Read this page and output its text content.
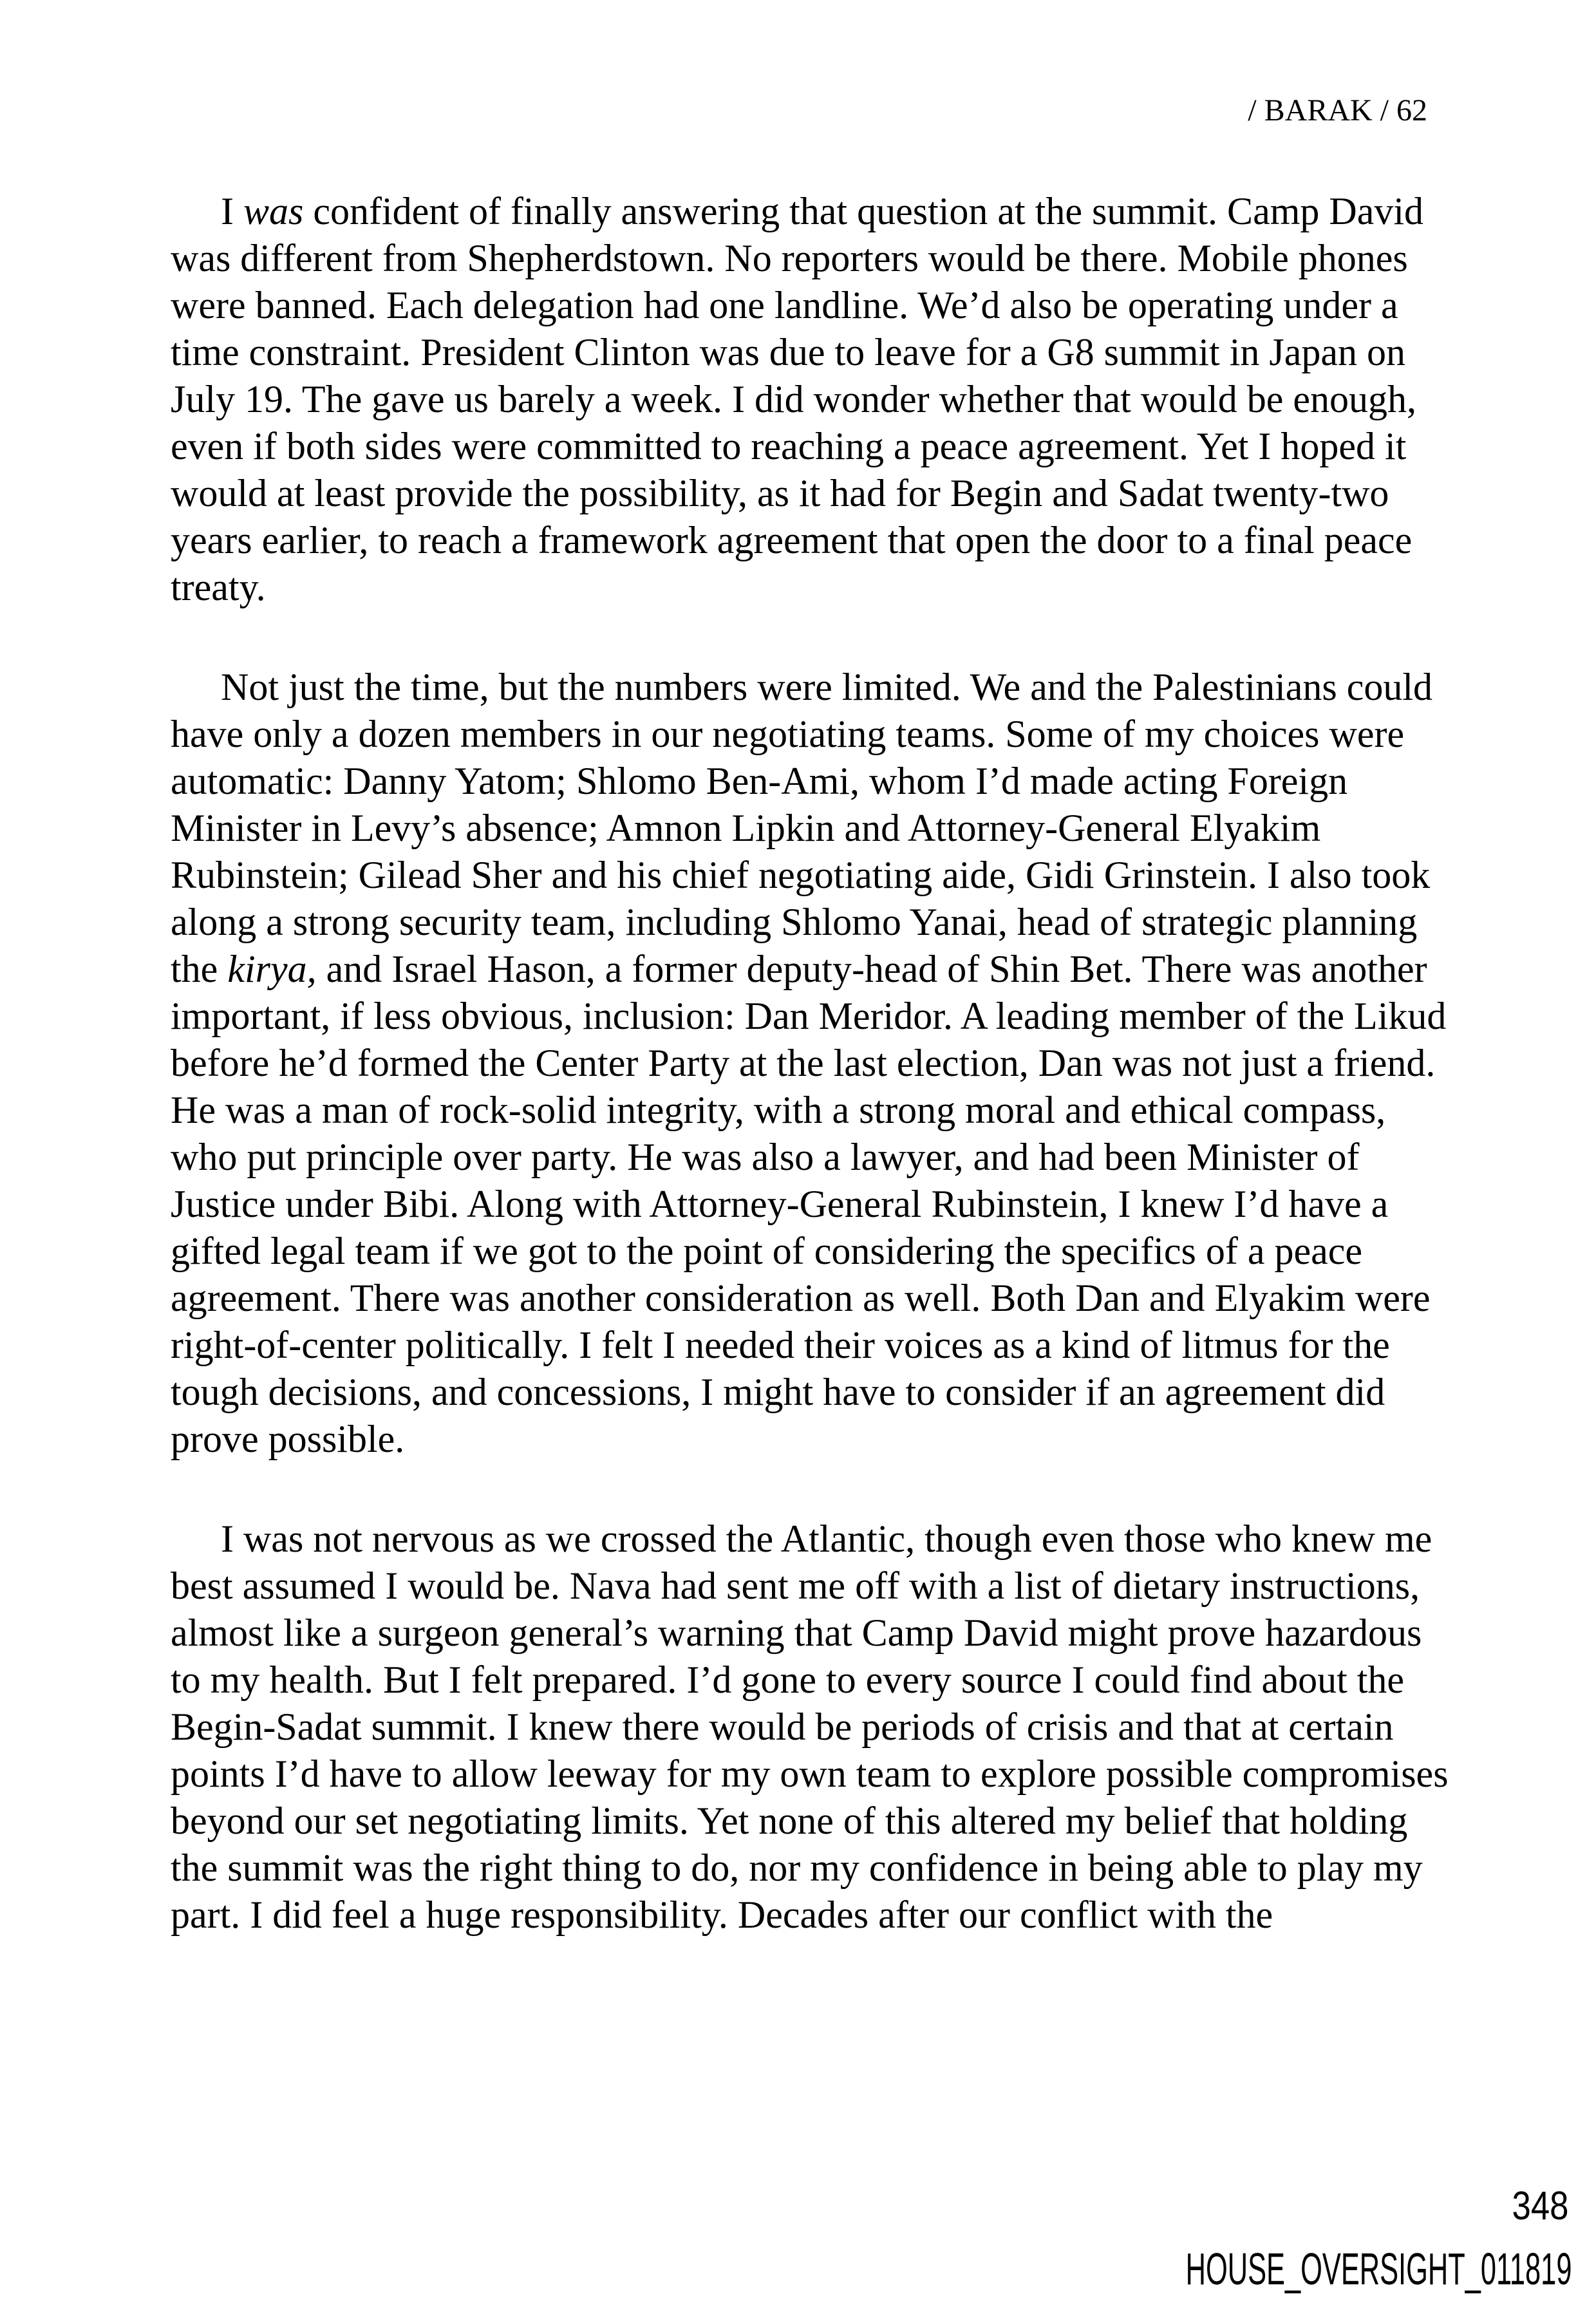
/ BARAK / 62
I was confident of finally answering that question at the summit. Camp David
was different from Shepherdstown. No reporters would be there. Mobile phones
were banned. Each delegation had one landline. We’d also be operating under a
time constraint. President Clinton was due to leave for a G8 summit in Japan on
July 19. The gave us barely a week. I did wonder whether that would be enough,
even if both sides were committed to reaching a peace agreement. Yet I hoped it
would at least provide the possibility, as it had for Begin and Sadat twenty-two
years earlier, to reach a framework agreement that open the door to a final peace
treaty.
Not just the time, but the numbers were limited. We and the Palestinians could
have only a dozen members in our negotiating teams. Some of my choices were
automatic: Danny Yatom; Shlomo Ben-Ami, whom I’d made acting Foreign
Minister in Levy’s absence; Amnon Lipkin and Attorney-General Elyakim
Rubinstein; Gilead Sher and his chief negotiating aide, Gidi Grinstein. I also took
along a strong security team, including Shlomo Yanai, head of strategic planning
the kirya, and Israel Hason, a former deputy-head of Shin Bet. There was another
important, if less obvious, inclusion: Dan Meridor. A leading member of the Likud
before he’d formed the Center Party at the last election, Dan was not just a friend.
He was a man of rock-solid integrity, with a strong moral and ethical compass,
who put principle over party. He was also a lawyer, and had been Minister of
Justice under Bibi. Along with Attorney-General Rubinstein, I knew I’d have a
gifted legal team if we got to the point of considering the specifics of a peace
agreement. There was another consideration as well. Both Dan and Elyakim were
right-of-center politically. I felt I needed their voices as a kind of litmus for the
tough decisions, and concessions, I might have to consider if an agreement did
prove possible.
I was not nervous as we crossed the Atlantic, though even those who knew me
best assumed I would be. Nava had sent me off with a list of dietary instructions,
almost like a surgeon general’s warning that Camp David might prove hazardous
to my health. But I felt prepared. I’d gone to every source I could find about the
Begin-Sadat summit. I knew there would be periods of crisis and that at certain
points I’d have to allow leeway for my own team to explore possible compromises
beyond our set negotiating limits. Yet none of this altered my belief that holding
the summit was the right thing to do, nor my confidence in being able to play my
part. I did feel a huge responsibility. Decades after our conflict with the
348
HOUSE_OVERSIGHT_011819
